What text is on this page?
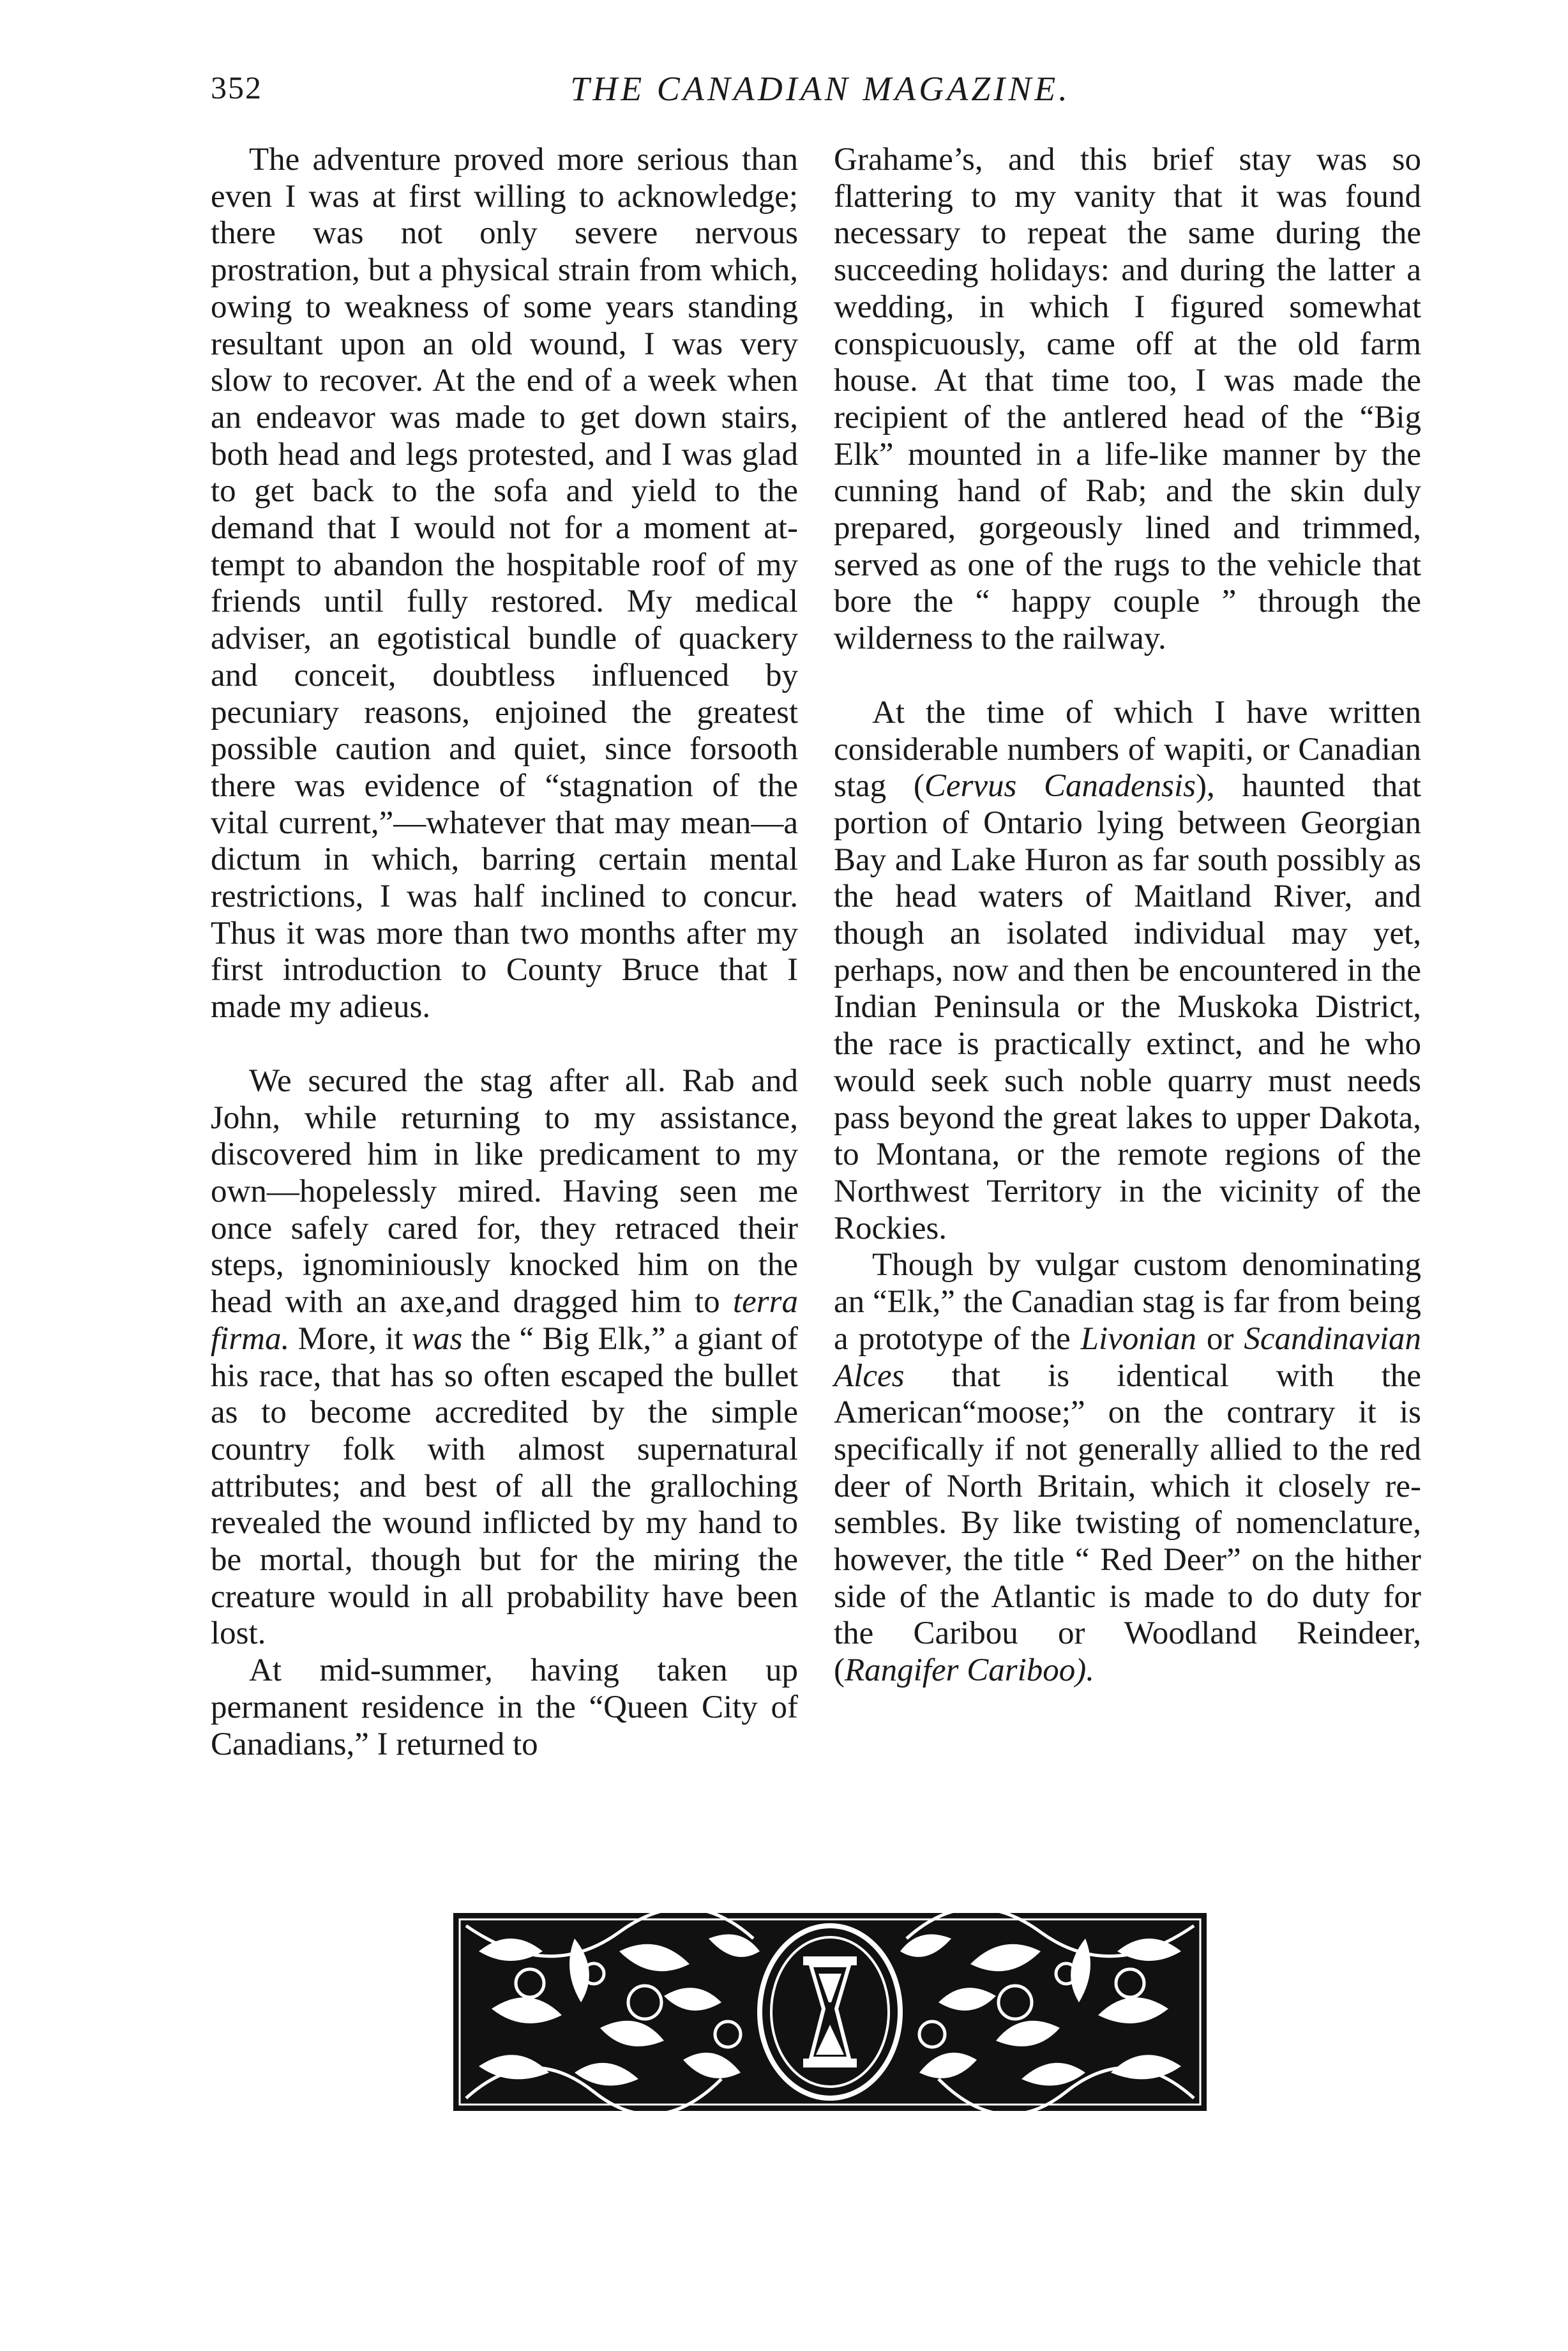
352	THE CANADIAN MAGAZINE.

The adventure proved more serious than even I was at first willing to acknowledge; there was not only severe nervous prostration, but a physical strain from which, owing to weakness of some years standing resultant upon an old wound, I was very slow to recover. At the end of a week when an endeavor was made to get down stairs, both head and legs protested, and I was glad to get back to the sofa and yield to the demand that I would not for a moment attempt to abandon the hospitable roof of my friends until fully restored. My medical adviser, an egotistical bundle of quackery and conceit, doubtless influenced by pecuniary reasons, enjoined the greatest possible caution and quiet, since forsooth there was evidence of “stagnation of the vital current,”—whatever that may mean—a dictum in which, barring certain mental restrictions, I was half inclined to concur. Thus it was more than two months after my first introduction to County Bruce that I made my adieus.

We secured the stag after all. Rab and John, while returning to my assistance, discovered him in like predicament to my own—hopelessly mired. Having seen me once safely cared for, they retraced their steps, ignominiously knocked him on the head with an axe,and dragged him to terra firma. More, it was the “ Big Elk,” a giant of his race, that has so often escaped the bullet as to become accredited by the simple country folk with almost supernatural attributes; and best of all the gralloching revealed the wound inflicted by my hand to be mortal, though but for the miring the creature would in all probability have been lost.

At mid-summer, having taken up permanent residence in the “Queen City of Canadians,” I returned to

Grahame’s, and this brief stay was so flattering to my vanity that it was found necessary to repeat the same during the succeeding holidays: and during the latter a wedding, in which I figured somewhat conspicuously, came off at the old farm house. At that time too, I was made the recipient of the antlered head of the “Big Elk” mounted in a life-like manner by the cunning hand of Rab; and the skin duly prepared, gorgeously lined and trimmed, served as one of the rugs to the vehicle that bore the “ happy couple ” through the wilderness to the railway.

At the time of which I have written considerable numbers of wapiti, or Canadian stag (Cervus Canadensis), haunted that portion of Ontario lying between Georgian Bay and Lake Huron as far south possibly as the head waters of Maitland River, and though an isolated individual may yet, perhaps, now and then be encountered in the Indian Peninsula or the Muskoka District, the race is practically extinct, and he who would seek such noble quarry must needs pass beyond the great lakes to upper Dakota, to Montana, or the remote regions of the Northwest Territory in the vicinity of the Rockies.

Though by vulgar custom denominating an “Elk,” the Canadian stag is far from being a prototype of the Livonian or Scandinavian Alces that is identical with the American“moose;” on the contrary it is specifically if not generally allied to the red deer of North Britain, which it closely resembles. By like twisting of nomenclature, however, the title “ Red Deer” on the hither side of the Atlantic is made to do duty for the Caribou or Woodland Reindeer, (Rangifer Cariboo).
